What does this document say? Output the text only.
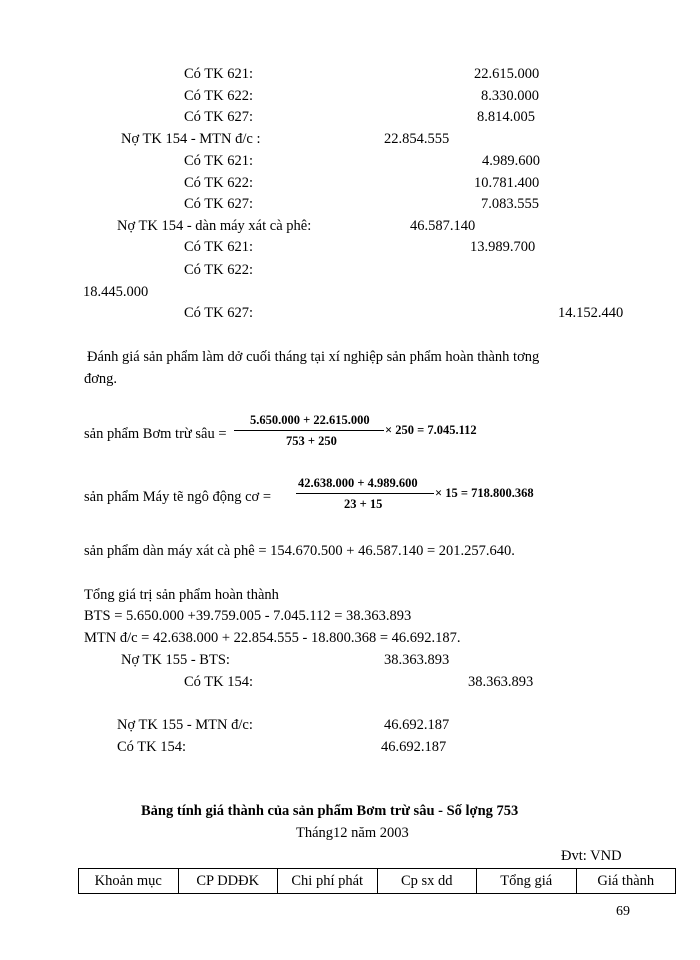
Có TK 621:	22.615.000
Có TK 622:	8.330.000
Có TK 627:	8.814.005
Nợ TK 154 - MTN đ/c :	22.854.555
Có TK 621:	4.989.600
Có TK 622:	10.781.400
Có TK 627:	7.083.555
Nợ TK 154 - dàn máy xát cà phê:	46.587.140
Có TK 621:	13.989.700
Có TK 622:
18.445.000
Có TK 627:	14.152.440
Đánh giá sản phẩm làm dở cuối tháng tại xí nghiệp sản phẩm hoàn thành tơng
đơng.
sản phẩm Bơm trừ sâu =
5.650.000 + 22.615.000
753 + 250
× 250 = 7.045.112
sản phẩm Máy tẽ ngô động cơ =
42.638.000 + 4.989.600
23 + 15
× 15 = 718.800.368
sản phẩm dàn máy xát cà phê = 154.670.500 + 46.587.140 = 201.257.640.
Tổng giá trị sản phẩm hoàn thành
BTS = 5.650.000 +39.759.005 - 7.045.112 = 38.363.893
MTN đ/c = 42.638.000 + 22.854.555 - 18.800.368 = 46.692.187.
Nợ TK 155 - BTS:	38.363.893
Có TK 154:	38.363.893
Nợ TK 155 - MTN đ/c:	46.692.187
Có TK 154:	46.692.187
Bảng tính giá thành của sản phẩm Bơm trừ sâu - Số lợng 753
Tháng12 năm 2003
Đvt: VND
Khoản mục	CP DDĐK	Chi phí phát	Cp sx dd	Tổng giá	Giá thành
69
